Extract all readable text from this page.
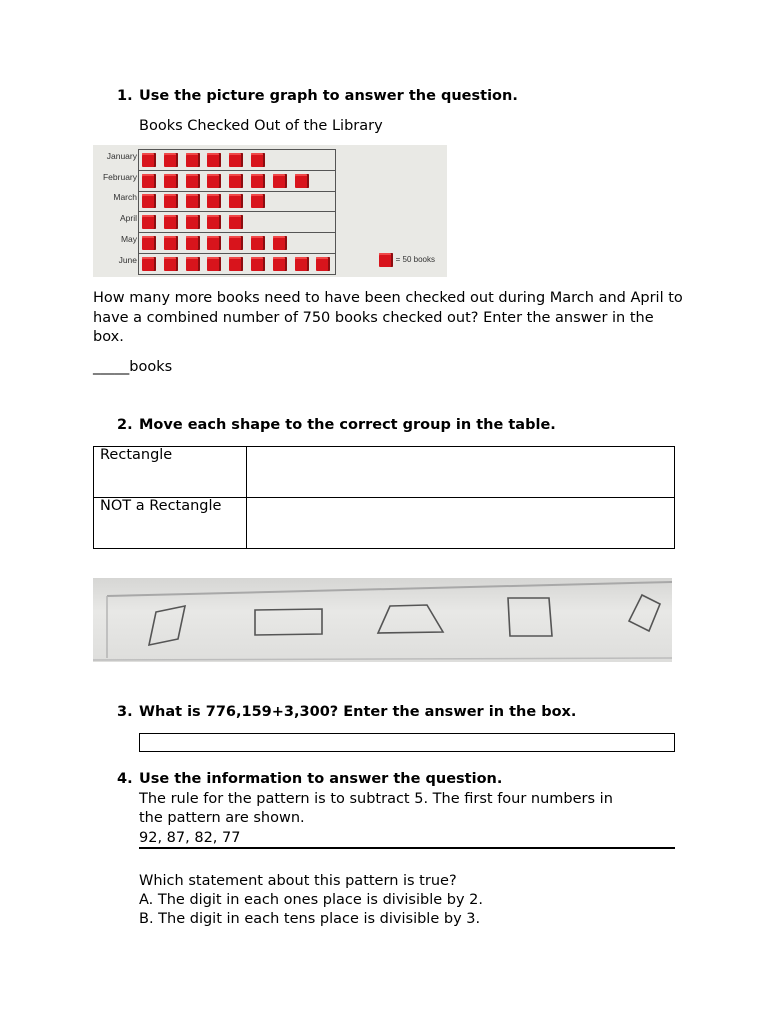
1. Use the picture graph to answer the question.
Books Checked Out of the Library
January
February
March
April
May
June	= 50 books
How many more books need to have been checked out during March and April to have a combined number of 750 books checked out? Enter the answer in the box.
_____books
2. Move each shape to the correct group in the table.
Rectangle	
NOT a Rectangle	
3. What is 776,159+3,300? Enter the answer in the box.
4. Use the information to answer the question.
The rule for the pattern is to subtract 5. The first four numbers in
the pattern are shown.
92, 87, 82, 77
Which statement about this pattern is true?
A. The digit in each ones place is divisible by 2.
B. The digit in each tens place is divisible by 3.
